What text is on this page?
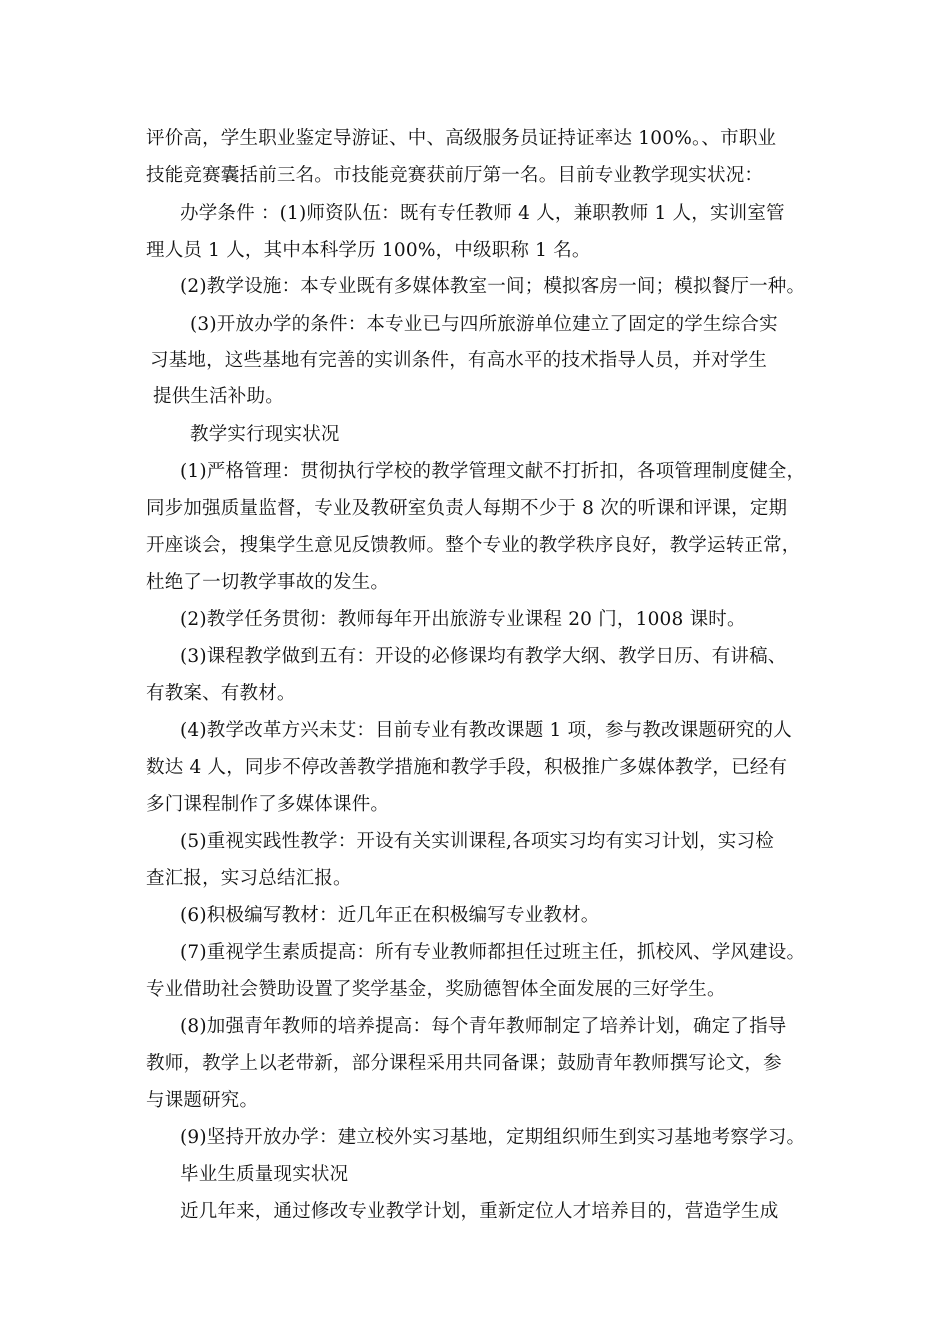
评价高，学生职业鉴定导游证、中、高级服务员证持证率达 100%。、市职业
技能竞赛囊括前三名。市技能竞赛获前厅第一名。目前专业教学现实状况：
办学条件 ：(1)师资队伍：既有专任教师 4 人，兼职教师 1 人，实训室管
理人员 1 人，其中本科学历 100%，中级职称 1 名。
(2)教学设施：本专业既有多媒体教室一间；模拟客房一间；模拟餐厅一种。
(3)开放办学的条件：本专业已与四所旅游单位建立了固定的学生综合实
习基地，这些基地有完善的实训条件，有高水平的技术指导人员，并对学生
提供生活补助。
教学实行现实状况
(1)严格管理：贯彻执行学校的教学管理文献不打折扣，各项管理制度健全，
同步加强质量监督，专业及教研室负责人每期不少于 8 次的听课和评课，定期
开座谈会，搜集学生意见反馈教师。整个专业的教学秩序良好，教学运转正常，
杜绝了一切教学事故的发生。
(2)教学任务贯彻：教师每年开出旅游专业课程 20 门，1008 课时。
(3)课程教学做到五有：开设的必修课均有教学大纲、教学日历、有讲稿、
有教案、有教材。
(4)教学改革方兴未艾：目前专业有教改课题 1 项，参与教改课题研究的人
数达 4 人，同步不停改善教学措施和教学手段，积极推广多媒体教学，已经有
多门课程制作了多媒体课件。
(5)重视实践性教学：开设有关实训课程,各项实习均有实习计划，实习检
查汇报，实习总结汇报。
(6)积极编写教材：近几年正在积极编写专业教材。
(7)重视学生素质提高：所有专业教师都担任过班主任，抓校风、学风建设。
专业借助社会赞助设置了奖学基金，奖励德智体全面发展的三好学生。
(8)加强青年教师的培养提高：每个青年教师制定了培养计划，确定了指导
教师，教学上以老带新，部分课程采用共同备课；鼓励青年教师撰写论文，参
与课题研究。
(9)坚持开放办学：建立校外实习基地，定期组织师生到实习基地考察学习。
毕业生质量现实状况
近几年来，通过修改专业教学计划，重新定位人才培养目的，营造学生成
